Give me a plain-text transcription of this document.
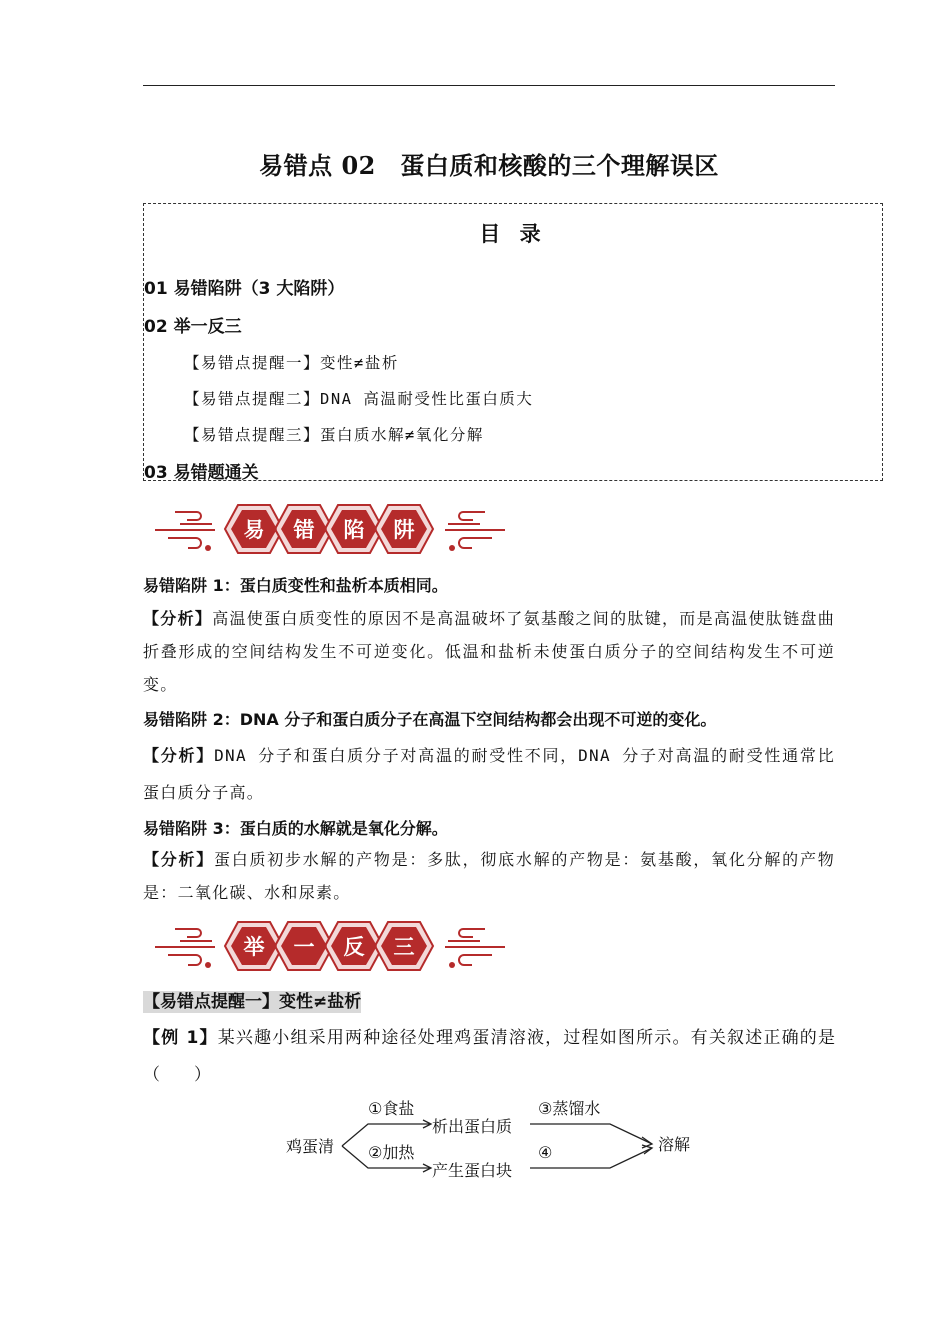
易错点 02　蛋白质和核酸的三个理解误区
目 录
01 易错陷阱（3 大陷阱）
02 举一反三
【易错点提醒一】变性≠盐析
【易错点提醒二】DNA 高温耐受性比蛋白质大
【易错点提醒三】蛋白质水解≠氧化分解
03 易错题通关
易 错 陷 阱
易错陷阱 1：蛋白质变性和盐析本质相同。
【分析】高温使蛋白质变性的原因不是高温破坏了氨基酸之间的肽键，而是高温使肽链盘曲折叠形成的空间结构发生不可逆变化。低温和盐析未使蛋白质分子的空间结构发生不可逆变。
易错陷阱 2：DNA 分子和蛋白质分子在高温下空间结构都会出现不可逆的变化。
【分析】DNA 分子和蛋白质分子对高温的耐受性不同，DNA 分子对高温的耐受性通常比蛋白质分子高。
易错陷阱 3：蛋白质的水解就是氧化分解。
【分析】蛋白质初步水解的产物是：多肽，彻底水解的产物是：氨基酸，氧化分解的产物是：二氧化碳、水和尿素。
举 一 反 三
【易错点提醒一】变性≠盐析
【例 1】某兴趣小组采用两种途径处理鸡蛋清溶液，过程如图所示。有关叙述正确的是（　　）
鸡蛋清
①食盐
②加热
析出蛋白质
产生蛋白块
③蒸馏水
④	溶解
